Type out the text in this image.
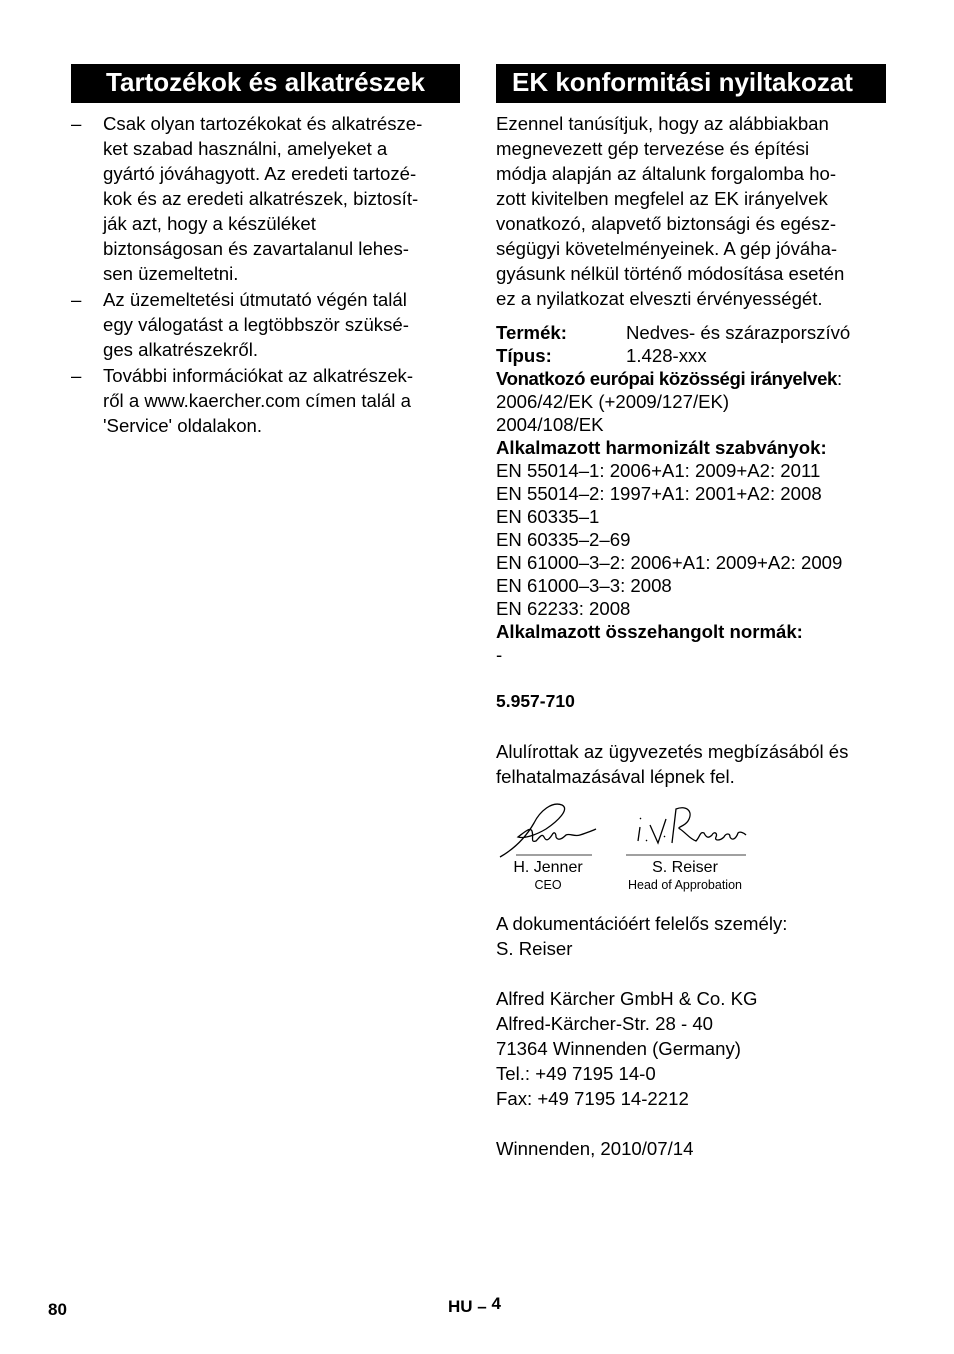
Tartozékok és alkatrészek
–	Csak olyan tartozékokat és alkatrésze-
ket szabad használni, amelyeket a
gyártó jóváhagyott. Az eredeti tartozé-
kok és az eredeti alkatrészek, biztosít-
ják azt, hogy a készüléket
biztonságosan és zavartalanul lehes-
sen üzemeltetni.
–	Az üzemeltetési útmutató végén talál
egy válogatást a legtöbbször szüksé-
ges alkatrészekről.
–	További információkat az alkatrészek-
ről a www.kaercher.com címen talál a
'Service' oldalakon.
EK konformitási nyiltakozat
Ezennel tanúsítjuk, hogy az alábbiakban
megnevezett gép tervezése és építési
módja alapján az általunk forgalomba ho-
zott kivitelben megfelel az EK irányelvek
vonatkozó, alapvető biztonsági és egész-
ségügyi követelményeinek. A gép jóváha-
gyásunk nélkül történő módosítása esetén
ez a nyilatkozat elveszti érvényességét.
Termék:	Nedves- és szárazporszívó
Típus:	1.428-xxx
Vonatkozó európai közösségi irányelvek:
2006/42/EK (+2009/127/EK)
2004/108/EK
Alkalmazott harmonizált szabványok:
EN 55014–1: 2006+A1: 2009+A2: 2011
EN 55014–2: 1997+A1: 2001+A2: 2008
EN 60335–1
EN 60335–2–69
EN 61000–3–2: 2006+A1: 2009+A2: 2009
EN 61000–3–3: 2008
EN 62233: 2008
Alkalmazott összehangolt normák:
-
5.957-710
Alulírottak az ügyvezetés megbízásából és
felhatalmazásával lépnek fel.
H. Jenner
CEO
S. Reiser
Head of Approbation
A dokumentációért felelős személy:
S. Reiser
Alfred Kärcher GmbH & Co. KG
Alfred-Kärcher-Str. 28 - 40
71364 Winnenden (Germany)
Tel.: +49 7195 14-0
Fax: +49 7195 14-2212
Winnenden, 2010/07/14
80	HU – 4
